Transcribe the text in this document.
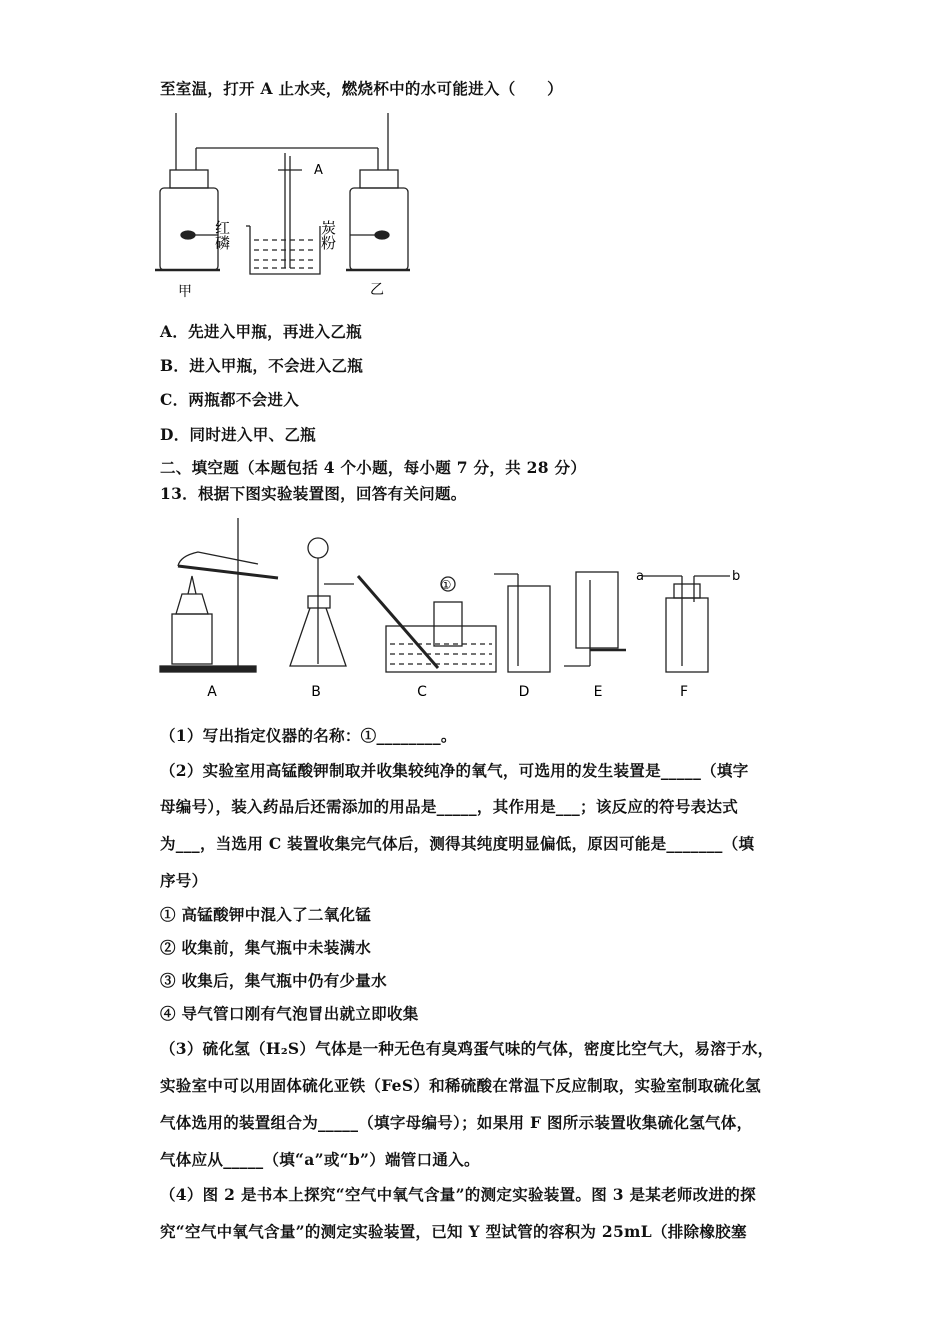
至室温，打开 A 止水夹，燃烧杯中的水可能进入（　　）
A
红磷	炭粉
甲	乙
A．先进入甲瓶，再进入乙瓶
B．进入甲瓶，不会进入乙瓶
C．两瓶都不会进入
D．同时进入甲、乙瓶
二、填空题（本题包括 4 个小题，每小题 7 分，共 28 分）
13．根据下图实验装置图，回答有关问题。
①
a	b
A	B	C	D	E	F
（1）写出指定仪器的名称：①________。
（2）实验室用高锰酸钾制取并收集较纯净的氧气，可选用的发生装置是_____（填字
母编号），装入药品后还需添加的用品是_____，其作用是___；该反应的符号表达式
为___，当选用 C 装置收集完气体后，测得其纯度明显偏低，原因可能是_______（填
序号）
① 高锰酸钾中混入了二氧化锰
② 收集前，集气瓶中未装满水
③ 收集后，集气瓶中仍有少量水
④ 导气管口刚有气泡冒出就立即收集
（3）硫化氢（H₂S）气体是一种无色有臭鸡蛋气味的气体，密度比空气大，易溶于水，
实验室中可以用固体硫化亚铁（FeS）和稀硫酸在常温下反应制取，实验室制取硫化氢
气体选用的装置组合为_____（填字母编号）；如果用 F 图所示装置收集硫化氢气体，
气体应从_____（填“a”或“b”）端管口通入。
（4）图 2 是书本上探究“空气中氧气含量”的测定实验装置。图 3 是某老师改进的探
究“空气中氧气含量”的测定实验装置，已知 Y 型试管的容积为 25mL（排除橡胶塞
